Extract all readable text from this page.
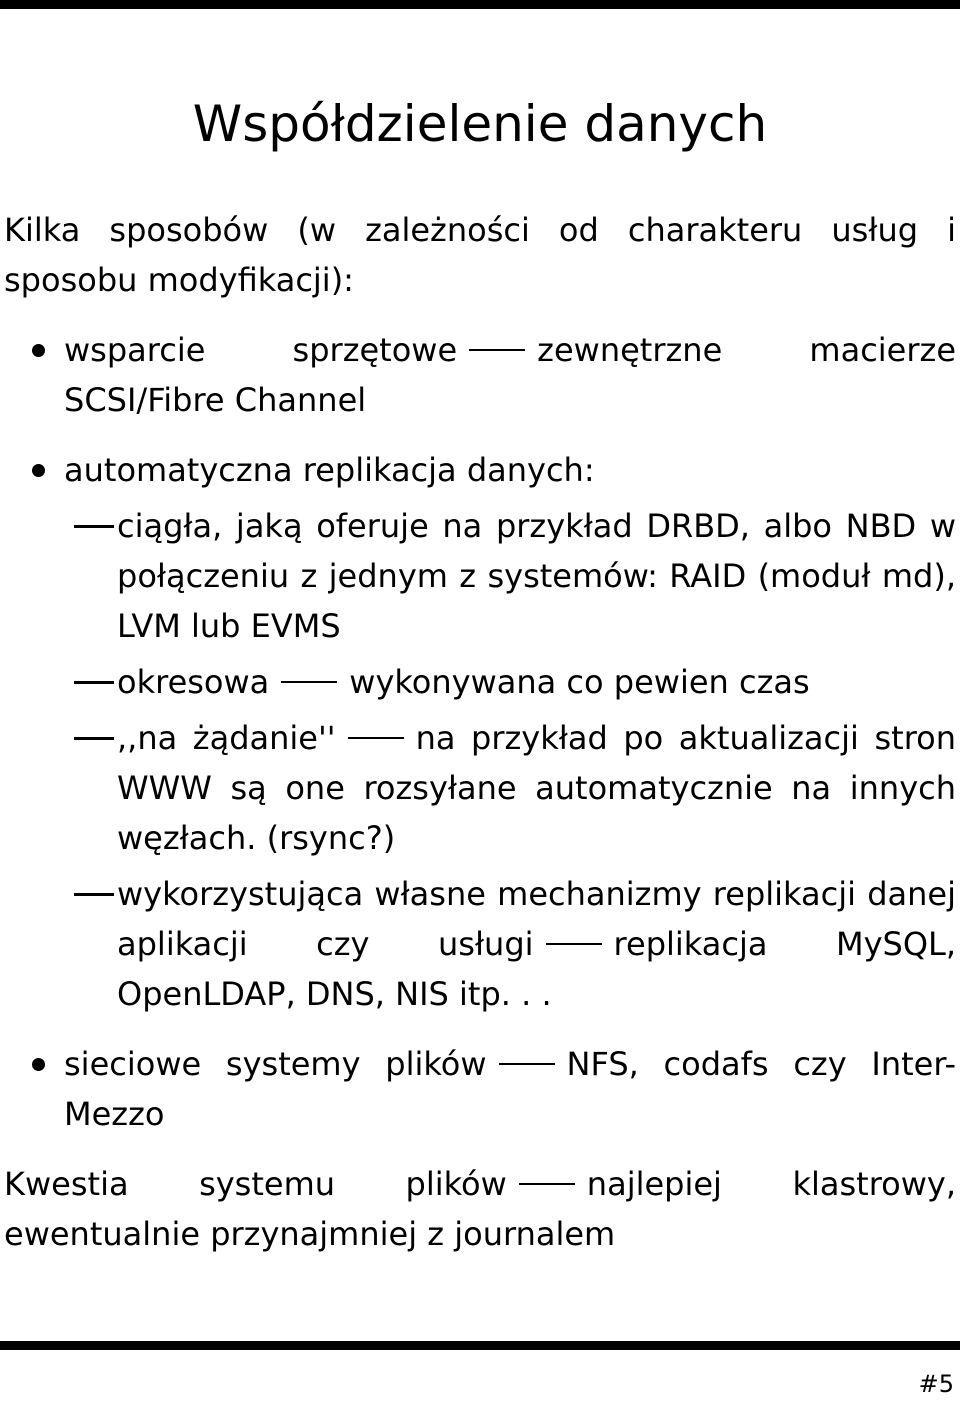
Współdzielenie danych

Kilka sposobów (w zależności od charakteru usług i sposobu modyfikacji):

wsparcie sprzętowe	zewnętrzne macierze SCSI/Fibre Channel
automatyczna replikacja danych:
ciągła, jaką oferuje na przykład DRBD, albo NBD w połączeniu z jednym z systemów: RAID (moduł md), LVM lub EVMS
okresowa	wykonywana co pewien czas
,,na żądanie''	na przykład po aktualizacji stron WWW są one rozsyłane automatycznie na innych węzłach. (rsync?)
wykorzystująca własne mechanizmy replikacji danej aplikacji czy usługi	replikacja MySQL, OpenLDAP, DNS, NIS itp. . .
sieciowe systemy plików	NFS, codafs czy Inter-Mezzo

Kwestia systemu plików	najlepiej klastrowy, ewentualnie przynajmniej z journalem

#5
